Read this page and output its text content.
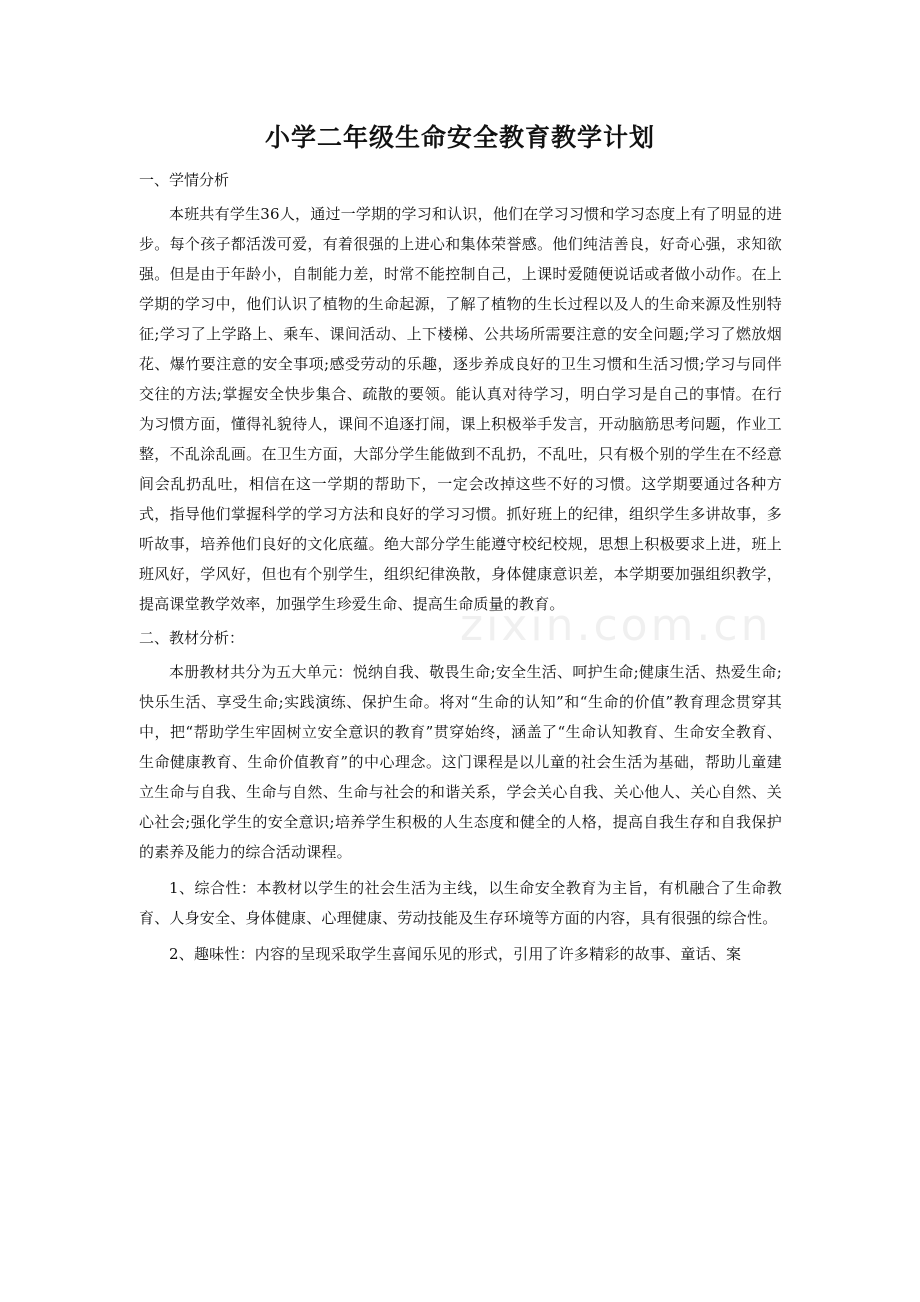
zixin.com.cn
小学二年级生命安全教育教学计划

一、学情分析

本班共有学生36人，通过一学期的学习和认识，他们在学习习惯和学习态度上有了明显的进步。每个孩子都活泼可爱，有着很强的上进心和集体荣誉感。他们纯洁善良，好奇心强，求知欲强。但是由于年龄小，自制能力差，时常不能控制自己，上课时爱随便说话或者做小动作。在上学期的学习中，他们认识了植物的生命起源，了解了植物的生长过程以及人的生命来源及性别特征;学习了上学路上、乘车、课间活动、上下楼梯、公共场所需要注意的安全问题;学习了燃放烟花、爆竹要注意的安全事项;感受劳动的乐趣，逐步养成良好的卫生习惯和生活习惯;学习与同伴交往的方法;掌握安全快步集合、疏散的要领。能认真对待学习，明白学习是自己的事情。在行为习惯方面，懂得礼貌待人，课间不追逐打闹，课上积极举手发言，开动脑筋思考问题，作业工整，不乱涂乱画。在卫生方面，大部分学生能做到不乱扔，不乱吐，只有极个别的学生在不经意间会乱扔乱吐，相信在这一学期的帮助下，一定会改掉这些不好的习惯。这学期要通过各种方式，指导他们掌握科学的学习方法和良好的学习习惯。抓好班上的纪律，组织学生多讲故事，多听故事，培养他们良好的文化底蕴。绝大部分学生能遵守校纪校规，思想上积极要求上进，班上班风好，学风好，但也有个别学生，组织纪律涣散，身体健康意识差，本学期要加强组织教学，提高课堂教学效率，加强学生珍爱生命、提高生命质量的教育。

二、教材分析：

本册教材共分为五大单元：悦纳自我、敬畏生命;安全生活、呵护生命;健康生活、热爱生命;快乐生活、享受生命;实践演练、保护生命。将对“生命的认知”和“生命的价值”教育理念贯穿其中，把“帮助学生牢固树立安全意识的教育”贯穿始终，涵盖了“生命认知教育、生命安全教育、生命健康教育、生命价值教育”的中心理念。这门课程是以儿童的社会生活为基础，帮助儿童建立生命与自我、生命与自然、生命与社会的和谐关系，学会关心自我、关心他人、关心自然、关心社会;强化学生的安全意识;培养学生积极的人生态度和健全的人格，提高自我生存和自我保护的素养及能力的综合活动课程。

1、综合性：本教材以学生的社会生活为主线，以生命安全教育为主旨，有机融合了生命教育、人身安全、身体健康、心理健康、劳动技能及生存环境等方面的内容，具有很强的综合性。

2、趣味性：内容的呈现采取学生喜闻乐见的形式，引用了许多精彩的故事、童话、案
